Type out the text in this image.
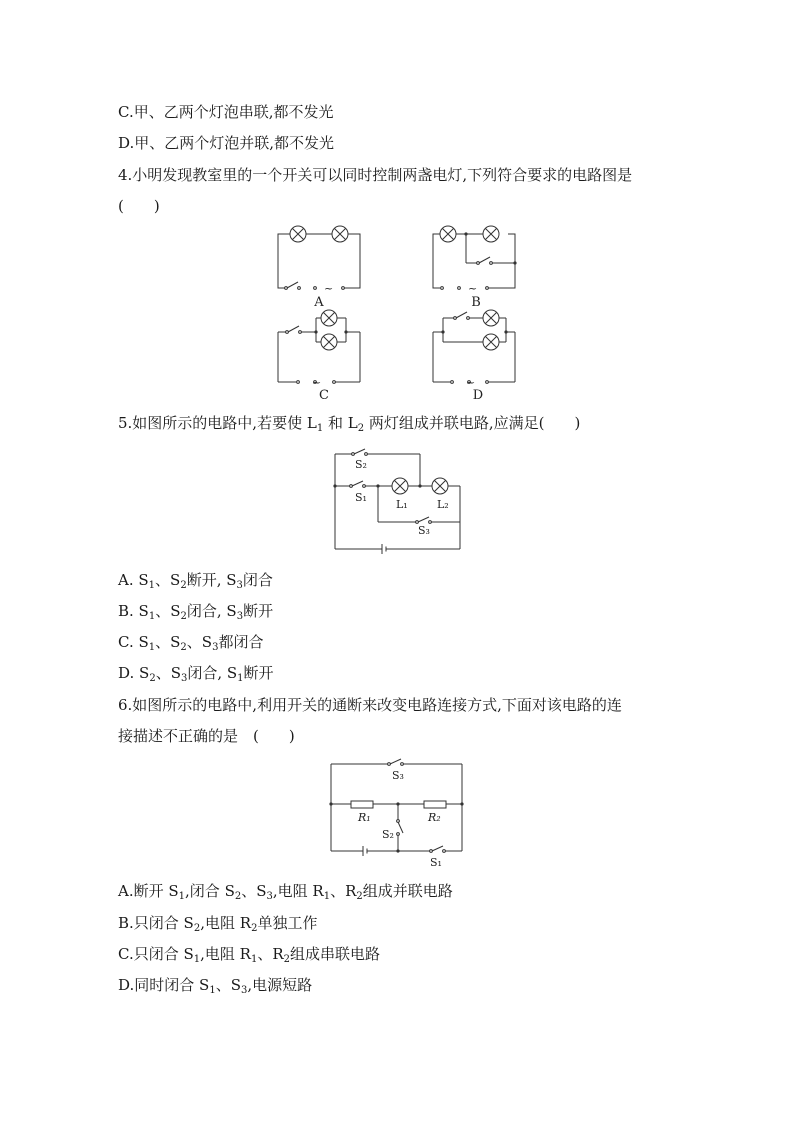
C.甲、乙两个灯泡串联,都不发光
D.甲、乙两个灯泡并联,都不发光
4.小明发现教室里的一个开关可以同时控制两盏电灯,下列符合要求的电路图是
(　　)
~
A
~
B
~
C
~
D
5.如图所示的电路中,若要使 $L_1$ 和 $L_2$ 两灯组成并联电路,应满足(　　)
S₂
S₁
L₁	L₂
S₃
A. $S_1$、$S_2$断开, $S_3$闭合
B. $S_1$、$S_2$闭合, $S_3$断开
C. $S_1$、$S_2$、$S_3$都闭合
D. $S_2$、$S_3$闭合, $S_1$断开
6.如图所示的电路中,利用开关的通断来改变电路连接方式,下面对该电路的连
接描述不正确的是　(　　)
S₃
R₁	R₂
S₂
S₁
A.断开 $S_1$,闭合 $S_2$、$S_3$,电阻 $R_1$、$R_2$组成并联电路
B.只闭合 $S_2$,电阻 $R_2$单独工作
C.只闭合 $S_1$,电阻 $R_1$、$R_2$组成串联电路
D.同时闭合 $S_1$、$S_3$,电源短路
